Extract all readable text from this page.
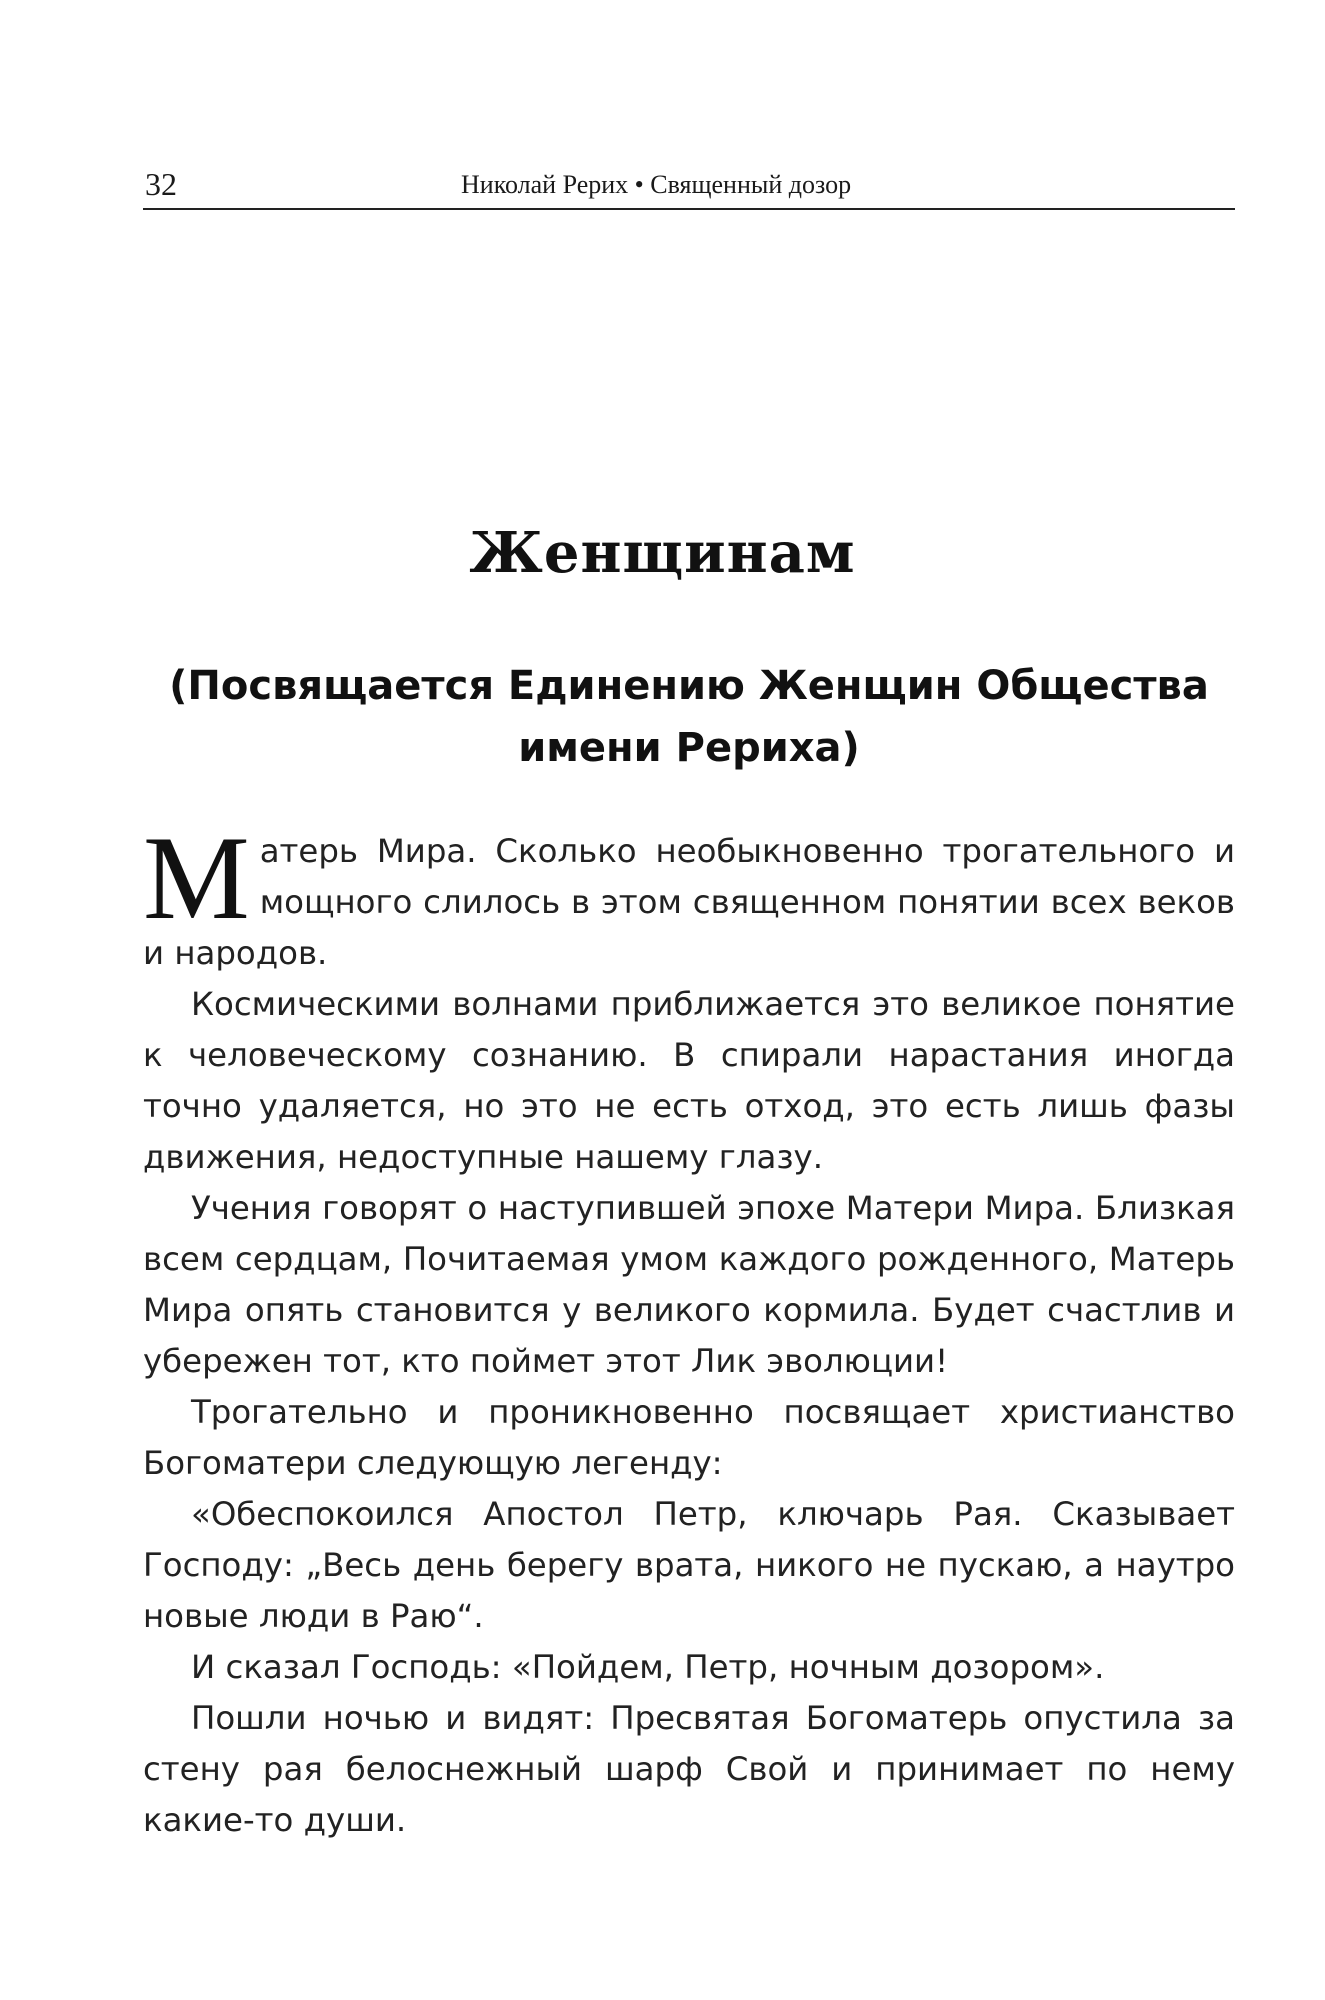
32	Николай Рерих • Священный дозор
Женщинам
(Посвящается Единению Женщин Общества имени Рериха)

Матерь Мира. Сколько необыкновенно трогательного и мощного слилось в этом священном понятии всех веков и народов.

Космическими волнами приближается это великое понятие к человеческому сознанию. В спирали нарастания иногда точно удаляется, но это не есть отход, это есть лишь фазы движения, недоступные нашему глазу.

Учения говорят о наступившей эпохе Матери Мира. Близкая всем сердцам, Почитаемая умом каждого рожденного, Матерь Мира опять становится у великого кормила. Будет счастлив и убережен тот, кто поймет этот Лик эволюции!

Трогательно и проникновенно посвящает христианство Богоматери следующую легенду:

«Обеспокоился Апостол Петр, ключарь Рая. Сказывает Господу: „Весь день берегу врата, никого не пускаю, а наутро новые люди в Раю“.

И сказал Господь: «Пойдем, Петр, ночным дозором».

Пошли ночью и видят: Пресвятая Богоматерь опустила за стену рая белоснежный шарф Свой и принимает по нему какие-то души.
